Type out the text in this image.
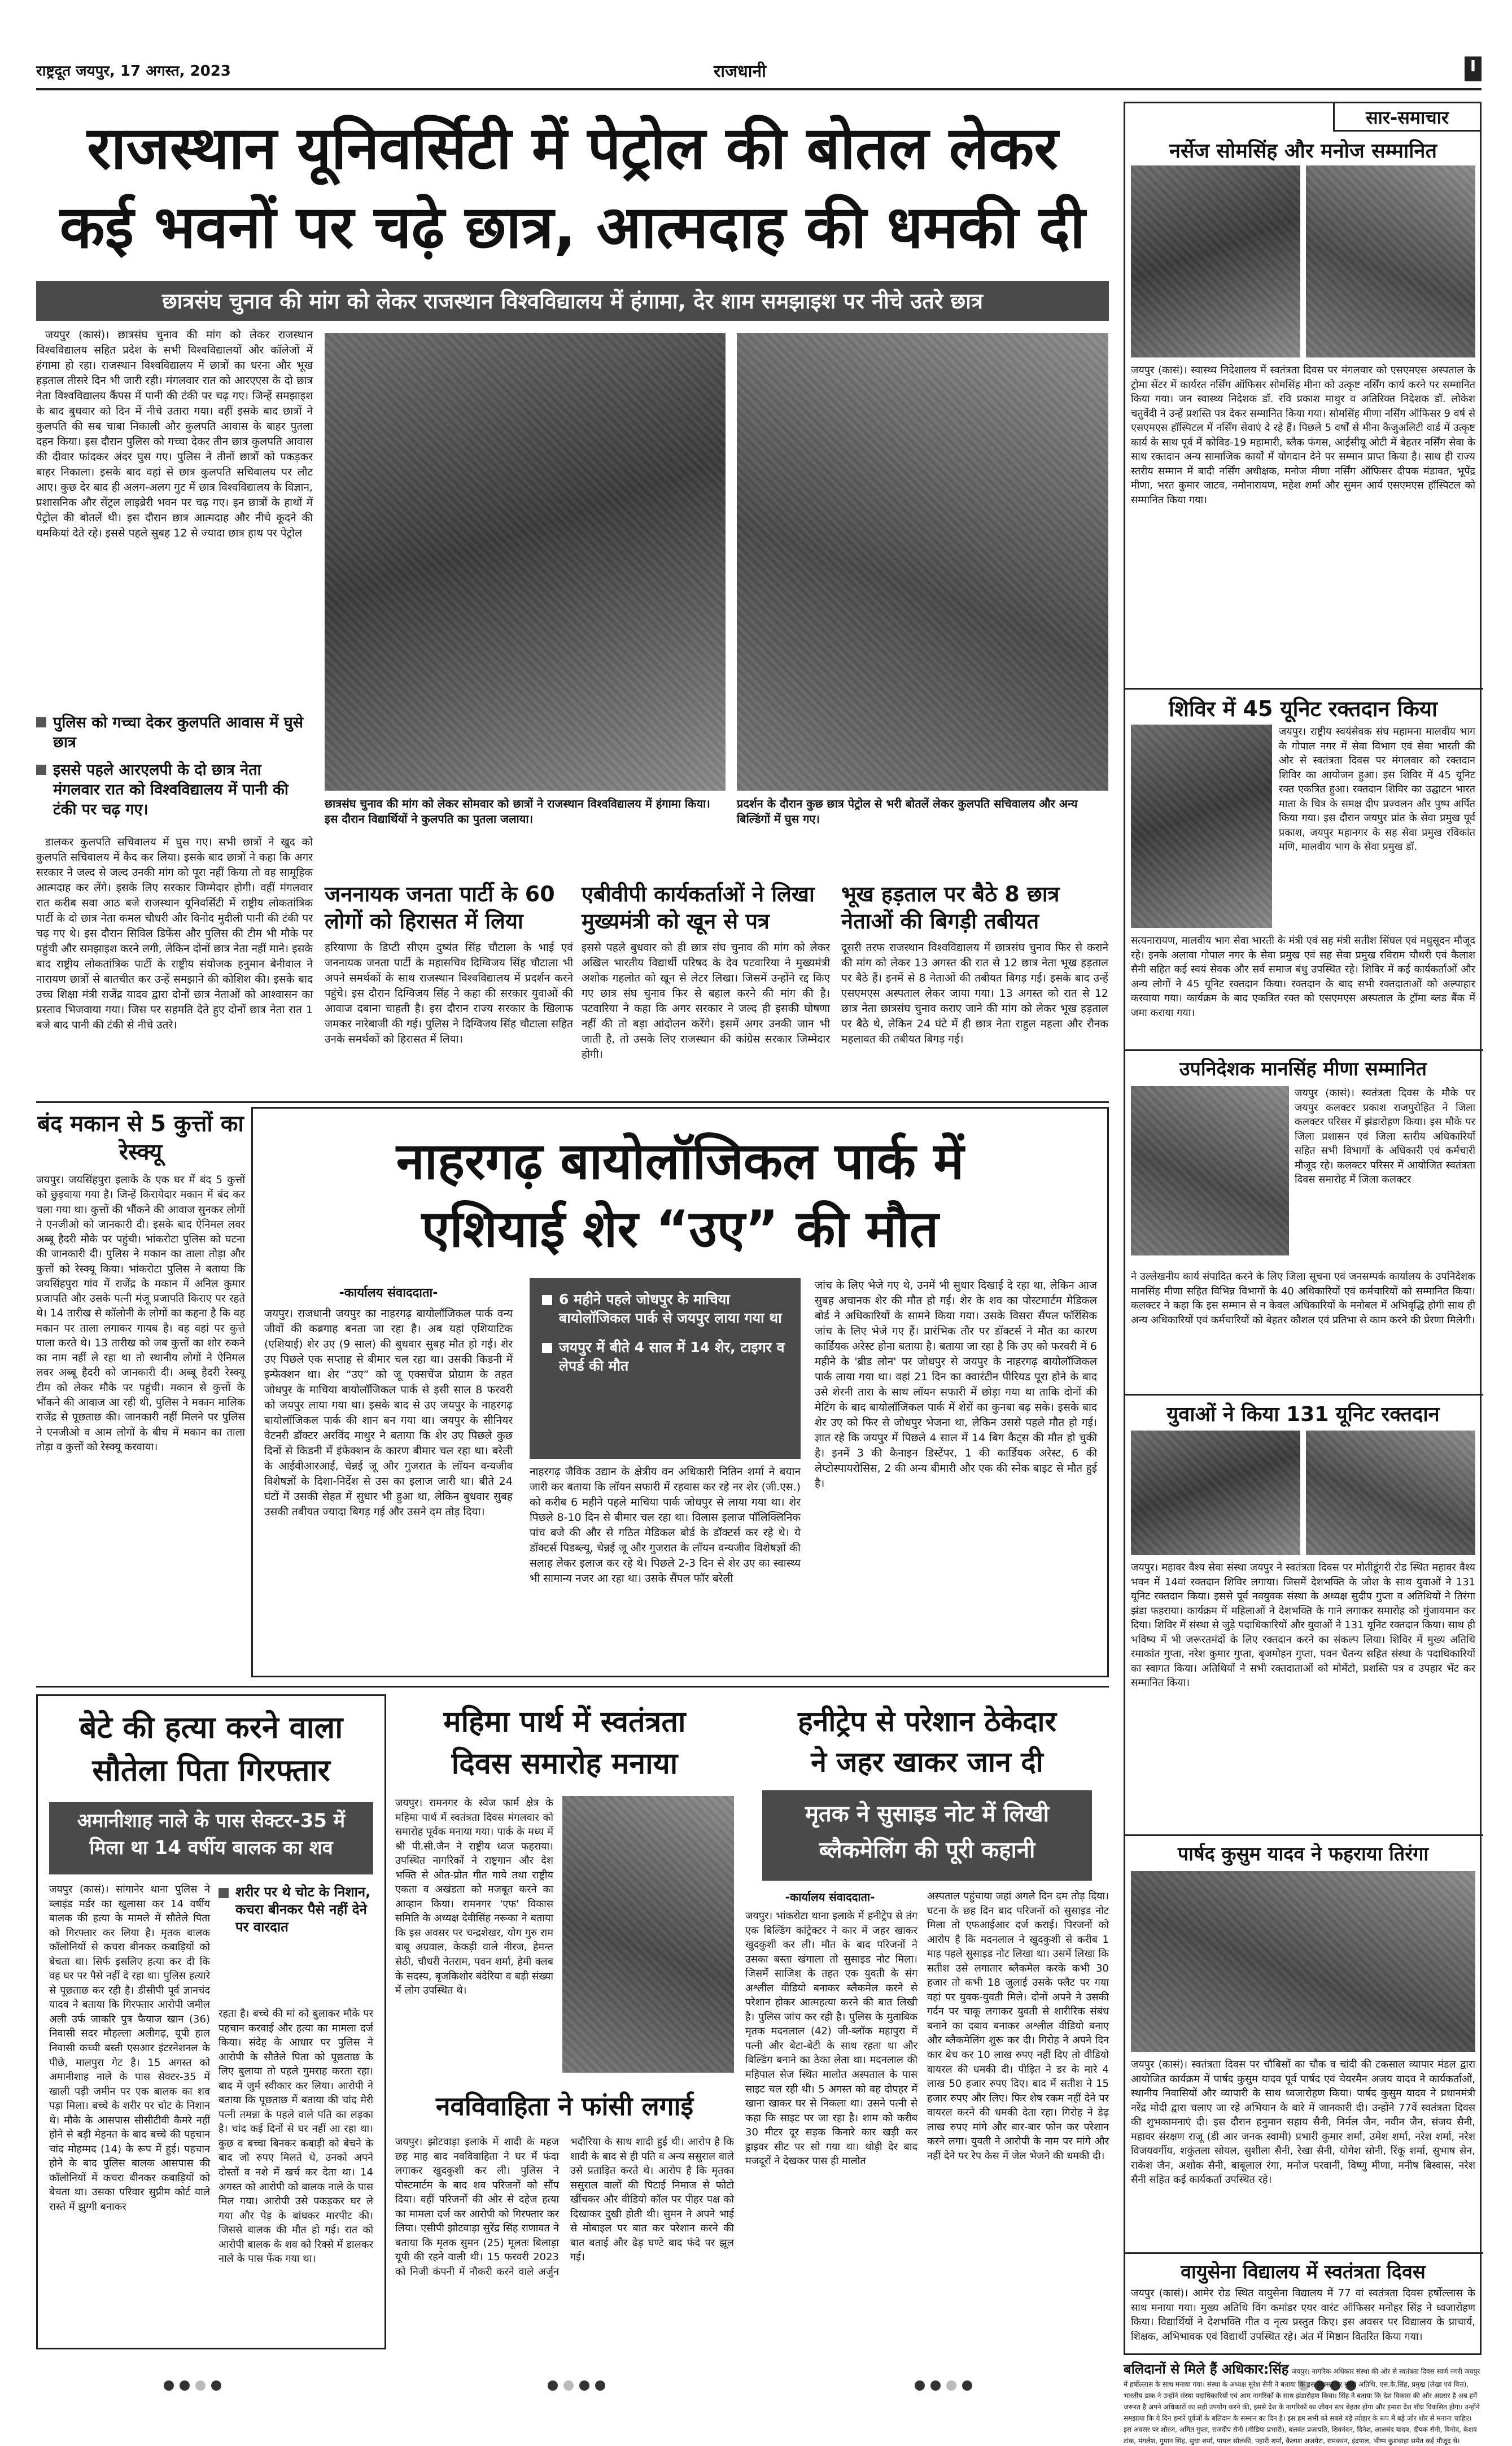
राष्ट्रदूत जयपुर, 17 अगस्त, 2023	राजधानी	I
राजस्थान यूनिवर्सिटी में पेट्रोल की बोतल लेकर
कई भवनों पर चढ़े छात्र, आत्मदाह की धमकी दी
छात्रसंघ चुनाव की मांग को लेकर राजस्थान विश्वविद्यालय में हंगामा, देर शाम समझाइश पर नीचे उतरे छात्र

जयपुर (कासं)। छात्रसंघ चुनाव की मांग को लेकर राजस्थान विश्वविद्यालय सहित प्रदेश के सभी विश्वविद्यालयों और कॉलेजों में हंगामा हो रहा। राजस्थान विश्वविद्यालय में छात्रों का धरना और भूख हड़ताल तीसरे दिन भी जारी रही। मंगलवार रात को आरएएस के दो छात्र नेता विश्वविद्यालय कैंपस में पानी की टंकी पर चढ़ गए। जिन्हें समझाइश के बाद बुधवार को दिन में नीचे उतारा गया। वहीं इसके बाद छात्रों ने कुलपति की सब चाबा निकाली और कुलपति आवास के बाहर पुतला दहन किया। इस दौरान पुलिस को गच्चा देकर तीन छात्र कुलपति आवास की दीवार फांदकर अंदर घुस गए। पुलिस ने तीनों छात्रों को पकड़कर बाहर निकाला। इसके बाद वहां से छात्र कुलपति सचिवालय पर लौट आए। कुछ देर बाद ही अलग-अलग गुट में छात्र विश्वविद्यालय के विज्ञान, प्रशासनिक और सेंट्रल लाइब्रेरी भवन पर चढ़ गए। इन छात्रों के हाथों में पेट्रोल की बोतलें थी। इस दौरान छात्र आत्मदाह और नीचे कूदने की धमकियां देते रहे। इससे पहले सुबह 12 से ज्यादा छात्र हाथ पर पेट्रोल

पुलिस को गच्चा देकर कुलपति आवास में घुसे छात्र
इससे पहले आरएलपी के दो छात्र नेता मंगलवार रात को विश्वविद्यालय में पानी की टंकी पर चढ़ गए।

डालकर कुलपति सचिवालय में घुस गए। सभी छात्रों ने खुद को कुलपति सचिवालय में कैद कर लिया। इसके बाद छात्रों ने कहा कि अगर सरकार ने जल्द से जल्द उनकी मांग को पूरा नहीं किया तो वह सामूहिक आत्मदाह कर लेंगे। इसके लिए सरकार जिम्मेदार होगी। वहीं मंगलवार रात करीब सवा आठ बजे राजस्थान यूनिवर्सिटी में राष्ट्रीय लोकतांत्रिक पार्टी के दो छात्र नेता कमल चौधरी और विनोद मुदीली पानी की टंकी पर चढ़ गए थे। इस दौरान सिविल डिफेंस और पुलिस की टीम भी मौके पर पहुंची और समझाइश करने लगी, लेकिन दोनों छात्र नेता नहीं माने। इसके बाद राष्ट्रीय लोकतांत्रिक पार्टी के राष्ट्रीय संयोजक हनुमान बेनीवाल ने नारायण छात्रों से बातचीत कर उन्हें समझाने की कोशिश की। इसके बाद उच्च शिक्षा मंत्री राजेंद्र यादव द्वारा दोनों छात्र नेताओं को आश्वासन का प्रस्ताव भिजवाया गया। जिस पर सहमति देते हुए दोनों छात्र नेता रात 1 बजे बाद पानी की टंकी से नीचे उतरे।

छात्रसंघ चुनाव की मांग को लेकर सोमवार को छात्रों ने राजस्थान विश्वविद्यालय में हंगामा किया। इस दौरान विद्यार्थियों ने कुलपति का पुतला जलाया।
प्रदर्शन के दौरान कुछ छात्र पेट्रोल से भरी बोतलें लेकर कुलपति सचिवालय और अन्य बिल्डिंगों में घुस गए।
जननायक जनता पार्टी के 60 लोगों को हिरासत में लिया
हरियाणा के डिप्टी सीएम दुष्यंत सिंह चौटाला के भाई एवं जननायक जनता पार्टी के महासचिव दिग्विजय सिंह चौटाला भी अपने समर्थकों के साथ राजस्थान विश्वविद्यालय में प्रदर्शन करने पहुंचे। इस दौरान दिग्विजय सिंह ने कहा की सरकार युवाओं की आवाज दबाना चाहती है। इस दौरान राज्य सरकार के खिलाफ जमकर नारेबाजी की गई। पुलिस ने दिग्विजय सिंह चौटाला सहित उनके समर्थकों को हिरासत में लिया।
एबीवीपी कार्यकर्ताओं ने लिखा मुख्यमंत्री को खून से पत्र
इससे पहले बुधवार को ही छात्र संघ चुनाव की मांग को लेकर अखिल भारतीय विद्यार्थी परिषद के देव पटवारिया ने मुख्यमंत्री अशोक गहलोत को खून से लेटर लिखा। जिसमें उन्होंने रद्द किए गए छात्र संघ चुनाव फिर से बहाल करने की मांग की है। पटवारिया ने कहा कि अगर सरकार ने जल्द ही इसकी घोषणा नहीं की तो बड़ा आंदोलन करेंगे। इसमें अगर उनकी जान भी जाती है, तो उसके लिए राजस्थान की कांग्रेस सरकार जिम्मेदार होगी।
भूख हड़ताल पर बैठे 8 छात्र नेताओं की बिगड़ी तबीयत
दूसरी तरफ राजस्थान विश्वविद्यालय में छात्रसंघ चुनाव फिर से कराने की मांग को लेकर 13 अगस्त की रात से 12 छात्र नेता भूख हड़ताल पर बैठे हैं। इनमें से 8 नेताओं की तबीयत बिगड़ गई। इसके बाद उन्हें एसएमएस अस्पताल लेकर जाया गया। 13 अगस्त को रात से 12 छात्र नेता छात्रसंघ चुनाव कराए जाने की मांग को लेकर भूख हड़ताल पर बैठे थे, लेकिन 24 घंटे में ही छात्र नेता राहुल महला और रौनक महलावत की तबीयत बिगड़ गई।
बंद मकान से 5 कुत्तों का रेस्क्यू
जयपुर। जयसिंहपुरा इलाके के एक घर में बंद 5 कुत्तों को छुड़वाया गया है। जिन्हें किरायेदार मकान में बंद कर चला गया था। कुत्तों की भौंकने की आवाज सुनकर लोगों ने एनजीओ को जानकारी दी। इसके बाद ऐनिमल लवर अब्बू हैदरी मौके पर पहुंची। भांकरोटा पुलिस को घटना की जानकारी दी। पुलिस ने मकान का ताला तोड़ा और कुत्तों को रेस्क्यू किया। भांकरोटा पुलिस ने बताया कि जयसिंहपुरा गांव में राजेंद्र के मकान में अनिल कुमार प्रजापति और उसके पत्नी मंजू प्रजापति किराए पर रहते थे। 14 तारीख से कॉलोनी के लोगों का कहना है कि वह मकान पर ताला लगाकर गायब है। वह वहां पर कुत्ते पाला करते थे। 13 तारीख को जब कुत्तों का शोर रुकने का नाम नहीं ले रहा था तो स्थानीय लोगों ने ऐनिमल लवर अब्बू हैदरी को जानकारी दी। अब्बू हैदरी रेस्क्यू टीम को लेकर मौके पर पहुंची। मकान से कुत्तों के भौंकने की आवाज आ रही थी, पुलिस ने मकान मालिक राजेंद्र से पूछताछ की। जानकारी नहीं मिलने पर पुलिस ने एनजीओ व आम लोगों के बीच में मकान का ताला तोड़ा व कुत्तों को रेस्क्यू करवाया।
नाहरगढ़ बायोलॉजिकल पार्क में
एशियाई शेर “उए” की मौत
-कार्यालय संवाददाता-
जयपुर। राजधानी जयपुर का नाहरगढ़ बायोलॉजिकल पार्क वन्य जीवों की कब्रगाह बनता जा रहा है। अब यहां एशियाटिक (एशियाई) शेर उए (9 साल) की बुधवार सुबह मौत हो गई। शेर उए पिछले एक सप्ताह से बीमार चल रहा था। उसकी किडनी में इन्फेक्शन था। शेर “उए” को जू एक्सचेंज प्रोग्राम के तहत जोधपुर के माचिया बायोलॉजिकल पार्क से इसी साल 8 फरवरी को जयपुर लाया गया था। इसके बाद से उए जयपुर के नाहरगढ़ बायोलॉजिकल पार्क की शान बन गया था। जयपुर के सीनियर वेटनरी डॉक्टर अरविंद माथुर ने बताया कि शेर उए पिछले कुछ दिनों से किडनी में इंफेक्शन के कारण बीमार चल रहा था। बरेली के आईवीआरआई, चेन्नई जू और गुजरात के लॉयन वन्यजीव विशेषज्ञों के दिशा-निर्देश से उस का इलाज जारी था। बीते 24 घंटों में उसकी सेहत में सुधार भी हुआ था, लेकिन बुधवार सुबह उसकी तबीयत ज्यादा बिगड़ गई और उसने दम तोड़ दिया।
6 महीने पहले जोधपुर के माचिया बायोलॉजिकल पार्क से जयपुर लाया गया था
जयपुर में बीते 4 साल में 14 शेर, टाइगर व लेपर्ड की मौत
नाहरगढ़ जैविक उद्यान के क्षेत्रीय वन अधिकारी नितिन शर्मा ने बयान जारी कर बताया कि लॉयन सफारी में रहवास कर रहे नर शेर (जी.एस.) को करीब 6 महीने पहले माचिया पार्क जोधपुर से लाया गया था। शेर पिछले 8-10 दिन से बीमार चल रहा था। विलास इलाज पॉलिक्लिनिक पांच बजे की और से गठित मेडिकल बोर्ड के डॉक्टर्स कर रहे थे। ये डॉक्टर्स पिडब्ल्यू, चेन्नई जू और गुजरात के लॉयन वन्यजीव विशेषज्ञों की सलाह लेकर इलाज कर रहे थे। पिछले 2-3 दिन से शेर उए का स्वास्थ्य भी सामान्य नजर आ रहा था। उसके सैंपल फॉर बरेली
जांच के लिए भेजे गए थे, उनमें भी सुधार दिखाई दे रहा था, लेकिन आज सुबह अचानक शेर की मौत हो गई। शेर के शव का पोस्टमार्टम मेडिकल बोर्ड ने अधिकारियों के सामने किया गया। उसके विसरा सैंपल फॉरेंसिक जांच के लिए भेजे गए हैं। प्रारंभिक तौर पर डॉक्टर्स ने मौत का कारण कार्डियक अरेस्ट होना बताया है। बताया जा रहा है कि उए को फरवरी में 6 महीने के 'ब्रीड लोन' पर जोधपुर से जयपुर के नाहरगढ़ बायोलॉजिकल पार्क लाया गया था। वहां 21 दिन का क्वारंटीन पीरियड पूरा होने के बाद उसे शेरनी तारा के साथ लॉयन सफारी में छोड़ा गया था ताकि दोनों की मेटिंग के बाद बायोलॉजिकल पार्क में शेरों का कुनबा बढ़ सके। इसके बाद शेर उए को फिर से जोधपुर भेजना था, लेकिन उससे पहले मौत हो गई। ज्ञात रहे कि जयपुर में पिछले 4 साल में 14 बिग कैट्स की मौत हो चुकी है। इनमें 3 की कैनाइन डिस्टेंपर, 1 की कार्डियक अरेस्ट, 6 की लेप्टोस्पायरोसिस, 2 की अन्य बीमारी और एक की स्नेक बाइट से मौत हुई है।
बेटे की हत्या करने वाला
सौतेला पिता गिरफ्तार
अमानीशाह नाले के पास सेक्टर-35 में मिला था 14 वर्षीय बालक का शव
जयपुर (कासं)। सांगानेर थाना पुलिस ने ब्लाइंड मर्डर का खुलासा कर 14 वर्षीय बालक की हत्या के मामले में सौतेले पिता को गिरफ्तार कर लिया है। मृतक बालक कॉलोनियों से कचरा बीनकर कबाड़ियों को बेचता था। सिर्फ इसलिए हत्या कर दी कि वह घर पर पैसे नहीं दे रहा था। पुलिस हत्यारे से पूछताछ कर रही है। डीसीपी पूर्व ज्ञानचंद यादव ने बताया कि गिरफ्तार आरोपी जमील अली उर्फ जाकरि पुत्र फैयाज खान (36) निवासी सदर मौहल्ला अलीगढ़, यूपी हाल निवासी कच्ची बस्ती एसआर इंटरनेशनल के पीछे, मालपुरा गेट है। 15 अगस्त को अमानीशाह नाले के पास सेक्टर-35 में खाली पड़ी जमीन पर एक बालक का शव पड़ा मिला। बच्चे के शरीर पर चोट के निशान थे। मौके के आसपास सीसीटीवी कैमरे नहीं होने से बड़ी मेहनत के बाद बच्चे की पहचान चांद मोहम्मद (14) के रूप में हुई। पहचान होने के बाद पुलिस बालक आसपास की कॉलोनियों में कचरा बीनकर कबाड़ियों को बेचता था। उसका परिवार सुप्रीम कोर्ट वाले रास्ते में झुग्गी बनाकर
शरीर पर थे चोट के निशान, कचरा बीनकर पैसे नहीं देने पर वारदात
रहता है। बच्चे की मां को बुलाकर मौके पर पहचान करवाई और हत्या का मामला दर्ज किया। संदेह के आधार पर पुलिस ने आरोपी के सौतेले पिता को पूछताछ के लिए बुलाया तो पहले गुमराह करता रहा। बाद में जुर्म स्वीकार कर लिया। आरोपी ने बताया कि पूछताछ में बताया की चांद मेरी पत्नी तमन्ना के पहले वाले पति का लड़का है। चांद कई दिनों से घर नहीं आ रहा था। कुछ व बच्चा बिनकर कबाड़ी को बेचने के बाद जो रुपए मिलते थे, उनको अपने दोस्तों व नशे में खर्च कर देता था। 14 अगस्त को आरोपी को बालक नाले के पास मिल गया। आरोपी उसे पकड़कर घर ले गया और पेड़ के बांधकर मारपीट की। जिससे बालक की मौत हो गई। रात को आरोपी बालक के शव को रिक्से में डालकर नाले के पास फेंक गया था।
महिमा पार्थ में स्वतंत्रता
दिवस समारोह मनाया
जयपुर। रामनगर के स्वेज फार्म क्षेत्र के महिमा पार्थ में स्वतंत्रता दिवस मंगलवार को समारोह पूर्वक मनाया गया। पार्क के मध्य में श्री पी.सी.जैन ने राष्ट्रीय ध्वज फहराया। उपस्थित नागरिकों ने राष्ट्रगान और देश भक्ति से ओत-प्रोत गीत गाये तथा राष्ट्रीय एकता व अखंडता को मजबूत करने का आव्हान किया। रामनगर 'एफ' विकास समिति के अध्यक्ष देवीसिंह नरूका ने बताया कि इस अवसर पर चन्द्रशेखर, योग गुरु राम बाबू अग्रवाल, केकड़ी वाले नीरज, हेमन्त सेठी, चौधरी नेतराम, पवन शर्मा, हेमी क्लब के सदस्य, बृजकिशोर बंदेरिया व बड़ी संख्या में लोग उपस्थित थे।
नवविवाहिता ने फांसी लगाई
जयपुर। झोटवाड़ा इलाके में शादी के महज छह माह बाद नवविवाहिता ने घर में फंदा लगाकर खुदकुशी कर ली। पुलिस ने पोस्टमार्टम के बाद शव परिजनों को सौंप दिया। वहीं परिजनों की ओर से दहेज हत्या का मामला दर्ज कर आरोपी को गिरफ्तार कर लिया। एसीपी झोटवाड़ा सुरेंद्र सिंह राणावत ने बताया कि मृतक सुमन (25) मूलतः बिलाड़ा यूपी की रहने वाली थी। 15 फरवरी 2023 को निजी कंपनी में नौकरी करने वाले अर्जुन भदौरिया के साथ शादी हुई थी। आरोप है कि शादी के बाद से ही पति व अन्य ससुराल वाले उसे प्रताड़ित करते थे। आरोप है कि मृतका ससुराल वालों की पिटाई निमाज से फोटो खींचकर और वीडियो कॉल पर पीहर पक्ष को दिखाकर दुखी होती थी। सुमन ने अपने भाई से मोबाइल पर बात कर परेशान करने की बात बताई और ढेड़ घण्टे बाद फंदे पर झूल गई।
हनीट्रेप से परेशान ठेकेदार
ने जहर खाकर जान दी
मृतक ने सुसाइड नोट में लिखी
ब्लैकमेलिंग की पूरी कहानी
-कार्यालय संवाददाता-
जयपुर। भांकरोटा थाना इलाके में हनीट्रेप से तंग एक बिल्डिंग कांट्रेक्टर ने कार में जहर खाकर खुदकुशी कर ली। मौत के बाद परिजनों ने उसका बस्ता खंगाला तो सुसाइड नोट मिला। जिसमें साजिश के तहत एक युवती के संग अश्लील वीडियो बनाकर ब्लैकमेल करने से परेशान होकर आत्महत्या करने की बात लिखी है। पुलिस जांच कर रही है। पुलिस के मुताबिक मृतक मदनलाल (42) जी-ब्लॉक महापुरा में पत्नी और बेटा-बेटी के साथ रहता था और बिल्डिंग बनाने का ठेका लेता था। मदनलाल की महिपाल सेज स्थित मालोत अस्पताल के पास साइट चल रही थी। 5 अगस्त को वह दोपहर में खाना खाकर घर से निकला था। उसने पत्नी से कहा कि साइट पर जा रहा है। शाम को करीब 30 मीटर दूर सड़क किनारे कार खड़ी कर ड्राइवर सीट पर सो गया था। थोड़ी देर बाद मजदूरों ने देखकर पास ही मालोत
अस्पताल पहुंचाया जहां अगले दिन दम तोड़ दिया। घटना के छह दिन बाद परिजनों को सुसाइड नोट मिला तो एफआईआर दर्ज कराई। पिरजनों को आरोप है कि मदनलाल ने खुदकुशी से करीब 1 माह पहले सुसाइड नोट लिखा था। उसमें लिखा कि सतीश उसे लगातार ब्लैकमेल करके कभी 30 हजार तो कभी 18 जुलाई उसके फ्लैट पर गया वहां पर युवक-युवती मिले। दोनों अपने ने उसकी गर्दन पर चाकू लगाकर युवती से शारीरिक संबंध बनाने का दबाव बनाकर अश्लील वीडियो बनाए और ब्लैकमेलिंग शुरू कर दी। गिरोह ने अपने दिन कार बेच कर 10 लाख रुपए नहीं दिए तो वीडियो वायरल की धमकी दी। पीड़ित ने डर के मारे 4 लाख 50 हजार रुपए दिए। बाद में सतीश ने 15 हजार रुपए और लिए। फिर शेष रकम नहीं देने पर वायरल करने की धमकी देता रहा। गिरोह ने डेढ़ लाख रुपए मांगे और बार-बार फोन कर परेशान करने लगा। युवती ने आरोपी के नाम पर मांगे और नहीं देने पर रेप केस में जेल भेजने की धमकी दी।
सार-समाचार
नर्सेज सोमसिंह और मनोज सम्मानित
जयपुर (कासं)। स्वास्थ्य निदेशालय में स्वतंत्रता दिवस पर मंगलवार को एसएमएस अस्पताल के ट्रोमा सेंटर में कार्यरत नर्सिंग ऑफिसर सोमसिंह मीना को उत्कृष्ट नर्सिंग कार्य करने पर सम्मानित किया गया। जन स्वास्थ्य निदेशक डॉ. रवि प्रकाश माथुर व अतिरिक्त निदेशक डॉ. लोकेश चतुर्वेदी ने उन्हें प्रशस्ति पत्र देकर सम्मानित किया गया। सोमसिंह मीणा नर्सिंग ऑफिसर 9 वर्ष से एसएमएस हॉस्पिटल में नर्सिंग सेवाएं दे रहे हैं। पिछले 5 वर्षों से मीना कैजुअलिटी वार्ड में उत्कृष्ट कार्य के साथ पूर्व में कोविड-19 महामारी, ब्लैक फंगस, आईसीयू ओटी में बेहतर नर्सिंग सेवा के साथ रक्तदान अन्य सामाजिक कार्यों में योगदान देने पर सम्मान प्राप्त किया है। साथ ही राज्य स्तरीय सम्मान में बादी नर्सिंग अधीक्षक, मनोज मीणा नर्सिंग ऑफिसर दीपक मंडावत, भूपेंद्र मीणा, भरत कुमार जाटव, नमोनारायण, महेश शर्मा और सुमन आर्य एसएमएस हॉस्पिटल को सम्मानित किया गया।
शिविर में 45 यूनिट रक्तदान किया
जयपुर। राष्ट्रीय स्वयंसेवक संघ महामना मालवीय भाग के गोपाल नगर में सेवा विभाग एवं सेवा भारती की ओर से स्वतंत्रता दिवस पर मंगलवार को रक्तदान शिविर का आयोजन हुआ। इस शिविर में 45 यूनिट रक्त एकत्रित हुआ। रक्तदान शिविर का उद्घाटन भारत माता के चित्र के समक्ष दीप प्रज्वलन और पुष्प अर्पित किया गया। इस दौरान जयपुर प्रांत के सेवा प्रमुख पूर्व प्रकाश, जयपुर महानगर के सह सेवा प्रमुख रविकांत मणि, मालवीय भाग के सेवा प्रमुख डॉ.
सत्यनारायण, मालवीय भाग सेवा भारती के मंत्री एवं सह मंत्री सतीश सिंघल एवं मधुसूदन मौजूद रहे। इनके अलावा गोपाल नगर के सेवा प्रमुख एवं सह सेवा प्रमुख रविराम चौधरी एवं कैलाश सैनी सहित कई स्वयं सेवक और सर्व समाज बंधु उपस्थित रहे। शिविर में कई कार्यकर्ताओं और अन्य लोगों ने 45 यूनिट रक्तदान किया। रक्तदान के बाद सभी रक्तदाताओं को अल्पाहार करवाया गया। कार्यक्रम के बाद एकत्रित रक्त को एसएमएस अस्पताल के ट्रॉमा ब्लड बैंक में जमा कराया गया।
उपनिदेशक मानसिंह मीणा सम्मानित
जयपुर (कासं)। स्वतंत्रता दिवस के मौके पर जयपुर कलक्टर प्रकाश राजपुरोहित ने जिला कलक्टर परिसर में झंडारोहण किया। इस मौके पर जिला प्रशासन एवं जिला स्तरीय अधिकारियों सहित सभी विभागों के अधिकारी एवं कर्मचारी मौजूद रहे। कलक्टर परिसर में आयोजित स्वतंत्रता दिवस समारोह में जिला कलक्टर
ने उल्लेखनीय कार्य संपादित करने के लिए जिला सूचना एवं जनसम्पर्क कार्यालय के उपनिदेशक मानसिंह मीणा सहित विभिन्न विभागों के 40 अधिकारियों एवं कर्मचारियों को सम्मानित किया। कलक्टर ने कहा कि इस सम्मान से न केवल अधिकारियों के मनोबल में अभिवृद्धि होगी साथ ही अन्य अधिकारियों एवं कर्मचारियों को बेहतर कौशल एवं प्रतिभा से काम करने की प्रेरणा मिलेगी।
युवाओं ने किया 131 यूनिट रक्तदान
जयपुर। महावर वैश्य सेवा संस्था जयपुर ने स्वतंत्रता दिवस पर मोतीडूंगरी रोड स्थित महावर वैश्य भवन में 14वां रक्तदान शिविर लगाया। जिसमें देशभक्ति के जोश के साथ युवाओं ने 131 यूनिट रक्तदान किया। इससे पूर्व नवयुवक संस्था के अध्यक्ष सुदीप गुप्ता व अतिथियों ने तिरंगा झंडा फहराया। कार्यक्रम में महिलाओं ने देशभक्ति के गाने लगाकर समारोह को गुंजायमान कर दिया। शिविर में संस्था से जुड़े पदाधिकारियों और युवाओं ने 131 यूनिट रक्तदान किया। साथ ही भविष्य में भी जरूरतमंदों के लिए रक्तदान करने का संकल्प लिया। शिविर में मुख्य अतिथि रमाकांत गुप्ता, नरेश कुमार गुप्ता, बृजमोहन गुप्ता, पवन चैतन्य सहित संस्था के पदाधिकारियों का स्वागत किया। अतिथियों ने सभी रक्तदाताओं को मोमेंटो, प्रशस्ति पत्र व उपहार भेंट कर सम्मानित किया।
पार्षद कुसुम यादव ने फहराया तिरंगा
जयपुर (कासं)। स्वतंत्रता दिवस पर चौबिसों का चौक व चांदी की टकसाल व्यापार मंडल द्वारा आयोजित कार्यक्रम में पार्षद कुसुम यादव पूर्व पार्षद एवं चेयरमैन अजय यादव ने कार्यकर्ताओं, स्थानीय निवासियों और व्यापारी के साथ ध्वजारोहण किया। पार्षद कुसुम यादव ने प्रधानमंत्री नरेंद्र मोदी द्वारा चलाए जा रहे अभियान के बारे में जानकारी दी। उन्होंने 77वें स्वतंत्रता दिवस की शुभकामनाएं दी। इस दौरान हनुमान सहाय सैनी, निर्मल जैन, नवीन जैन, संजय सैनी, महावर संरक्षण राजू (डी आर जनक स्वामी) प्रभारी कुमार शर्मा, उमेश शर्मा, नरेश शर्मा, नरेश विजयवर्गीय, शकुंतला सोयल, सुशीला सैनी, रेखा सैनी, योगेश सोनी, रिंकू शर्मा, सुभाष सेन, राकेश जैन, अशोक सैनी, बाबूलाल रंगा, मनोज परवानी, विष्णु मीणा, मनीष बिस्वास, नरेश सैनी सहित कई कार्यकर्ता उपस्थित रहे।
वायुसेना विद्यालय में स्वतंत्रता दिवस
जयपुर (कासं)। आमेर रोड स्थित वायुसेना विद्यालय में 77 वां स्वतंत्रता दिवस हर्षोल्लास के साथ मनाया गया। मुख्य अतिथि विंग कमांडर एयर वारंट ऑफिसर मनोहर सिंह ने ध्वजारोहण किया। विद्यार्थियों ने देशभक्ति गीत व नृत्य प्रस्तुत किए। इस अवसर पर विद्यालय के प्राचार्य, शिक्षक, अभिभावक एवं विद्यार्थी उपस्थित रहे। अंत में मिष्ठान वितरित किया गया।
बलिदानों से मिले हैं अधिकार:सिंह जयपुर। नागरिक अधिकार संस्था की ओर से स्वतंत्रता दिवस स्वर्ण नगरी जयपुर में हर्षोल्लास के साथ मनाया गया। संस्था के अध्यक्ष सुरेश सैनी ने बताया कि इस अवसर पर मुख्य अतिथि, एस.के.सिंह, प्रमुख (लेखा एवं वित्त), भारतीय डाक ने उन्होंने संस्था पदाधिकारियों एवं आम नागरिकों के साथ झंडारोहण किया। सिंह ने बताया कि देश विकास की ओर अग्रसर है अब हमें जरूरत है अपने अधिकारों का सही उपयोग करने की, इससे देश के नागरिकों का जीवन स्तर बेहतर होगा और हमारा देश शीघ्र विकसित होगा। उन्होंने समझाया कि ये दिन हमारे पूर्वजों के बलिदान के सम्मान का दिन है। इस हम सभी को सबसे बड़े त्योहार के रूप में बड़े जोर शोर से मनाना चाहिए। इस अवसर पर शौरज, अमित गुप्ता, राजदीप सैनी (मीडिया प्रभारी), बलवंत प्रजापति, शिवनंदन, दिनेश, लालचंद यादव, दीपक सैनी, विनोद, केशव टांक, मंगलेश, गुमान सिंह, सुधा शर्मा, पायल सोलंकी, पहारी शर्मा, कैलाश अजमेरा, रामकरन, इंद्रपाल, भीष्म कुशवाहा समेत कई मौजूद थे।
